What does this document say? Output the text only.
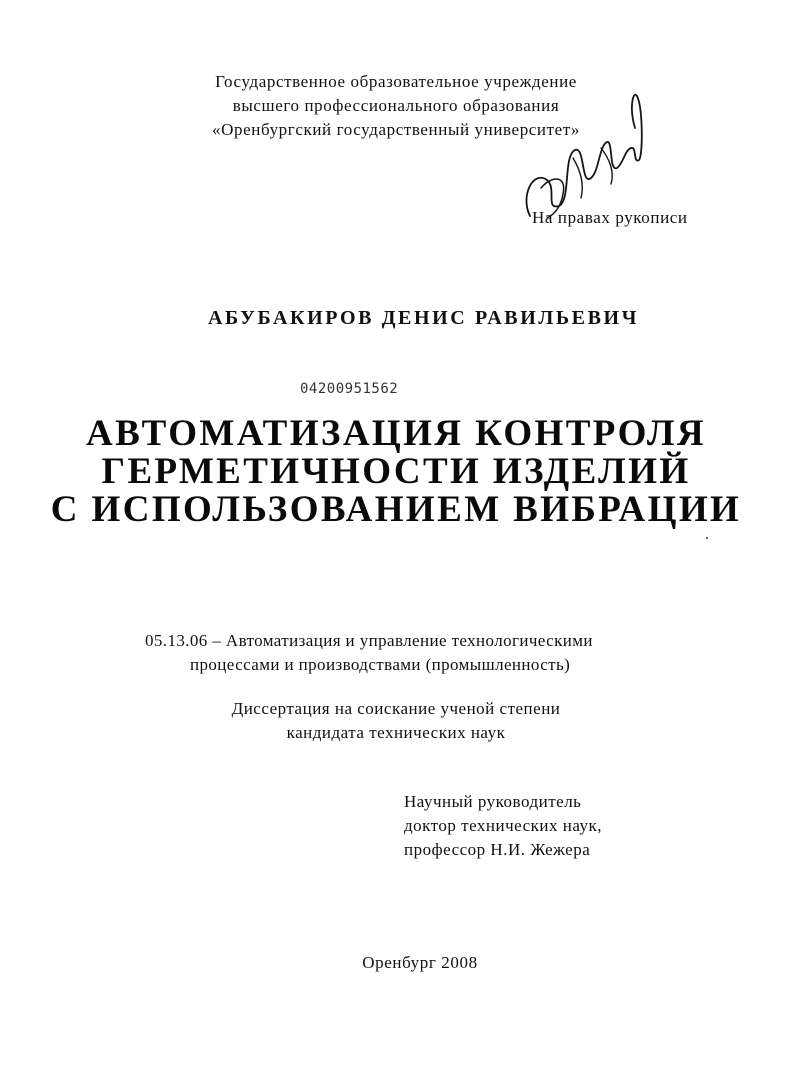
Государственное образовательное учреждение
высшего профессионального образования
«Оренбургский государственный университет»
На правах рукописи
АБУБАКИРОВ ДЕНИС РАВИЛЬЕВИЧ
04200951562
АВТОМАТИЗАЦИЯ КОНТРОЛЯ
ГЕРМЕТИЧНОСТИ ИЗДЕЛИЙ
С ИСПОЛЬЗОВАНИЕМ ВИБРАЦИИ
05.13.06 – Автоматизация и управление технологическими
процессами и производствами (промышленность)
Диссертация на соискание ученой степени
кандидата технических наук
Научный руководитель
доктор технических наук,
профессор Н.И. Жежера
Оренбург 2008
